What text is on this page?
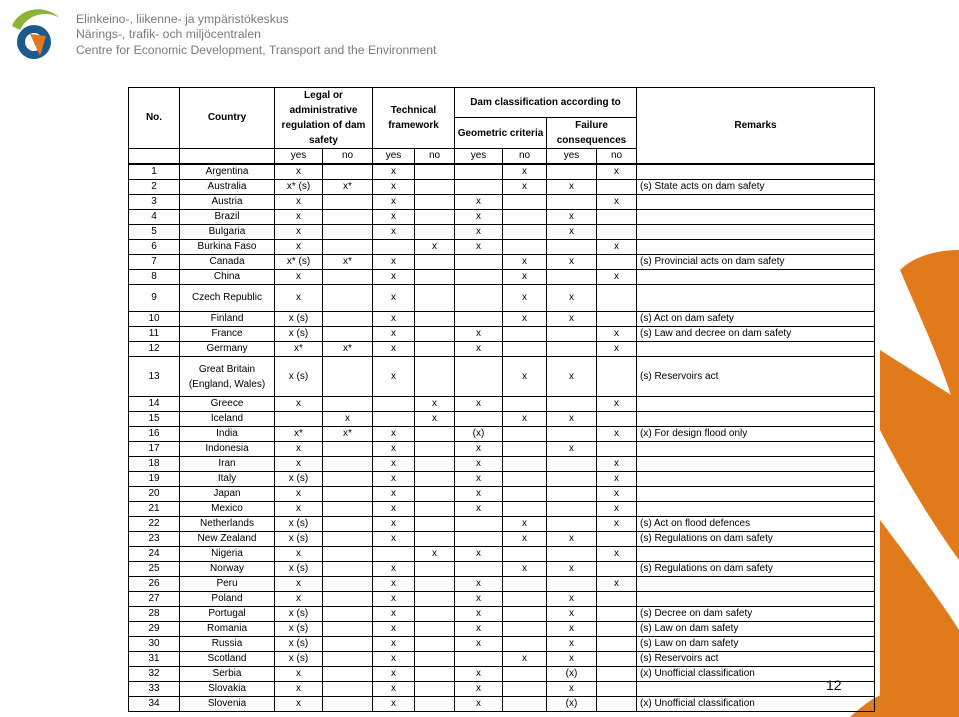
Elinkeino-, liikenne- ja ympäristökeskus
Närings-, trafik- och miljöcentralen
Centre for Economic Development, Transport and the Environment
No.	Country	Legal or administrative regulation of dam safety		Technical framework		Dam classification according to				Remarks
						Geometric criteria		Failure consequences		
		yes	no	yes	no	yes	no	yes	no	
1	Argentina	x		x			x		x	
2	Australia	x* (s)	x*	x			x	x		(s) State acts on dam safety
3	Austria	x		x		x			x	
4	Brazil	x		x		x		x		
5	Bulgaria	x		x		x		x		
6	Burkina Faso	x			x	x			x	
7	Canada	x* (s)	x*	x			x	x		(s) Provincial acts on dam safety
8	China	x		x			x		x	
9	Czech Republic	x		x			x	x		
10	Finland	x (s)		x			x	x		(s) Act on dam safety
11	France	x (s)		x		x			x	(s) Law and decree on dam safety
12	Germany	x*	x*	x		x			x	
13	Great Britain (England, Wales)	x (s)		x			x	x		(s) Reservoirs act
14	Greece	x			x	x			x	
15	Iceland		x		x		x	x		
16	India	x*	x*	x		(x)			x	(x) For design flood only
17	Indonesia	x		x		x		x		
18	Iran	x		x		x			x	
19	Italy	x (s)		x		x			x	
20	Japan	x		x		x			x	
21	Mexico	x		x		x			x	
22	Netherlands	x (s)		x			x		x	(s) Act on flood defences
23	New Zealand	x (s)		x			x	x		(s) Regulations on dam safety
24	Nigeria	x			x	x			x	
25	Norway	x (s)		x			x	x		(s) Regulations on dam safety
26	Peru	x		x		x			x	
27	Poland	x		x		x		x		
28	Portugal	x (s)		x		x		x		(s) Decree on dam safety
29	Romania	x (s)		x		x		x		(s) Law on dam safety
30	Russia	x (s)		x		x		x		(s) Law on dam safety
31	Scotland	x (s)		x			x	x		(s) Reservoirs act
32	Serbia	x		x		x		(x)		(x) Unofficial classification
33	Slovakia	x		x		x		x		
34	Slovenia	x		x		x		(x)		(x) Unofficial classification
12
